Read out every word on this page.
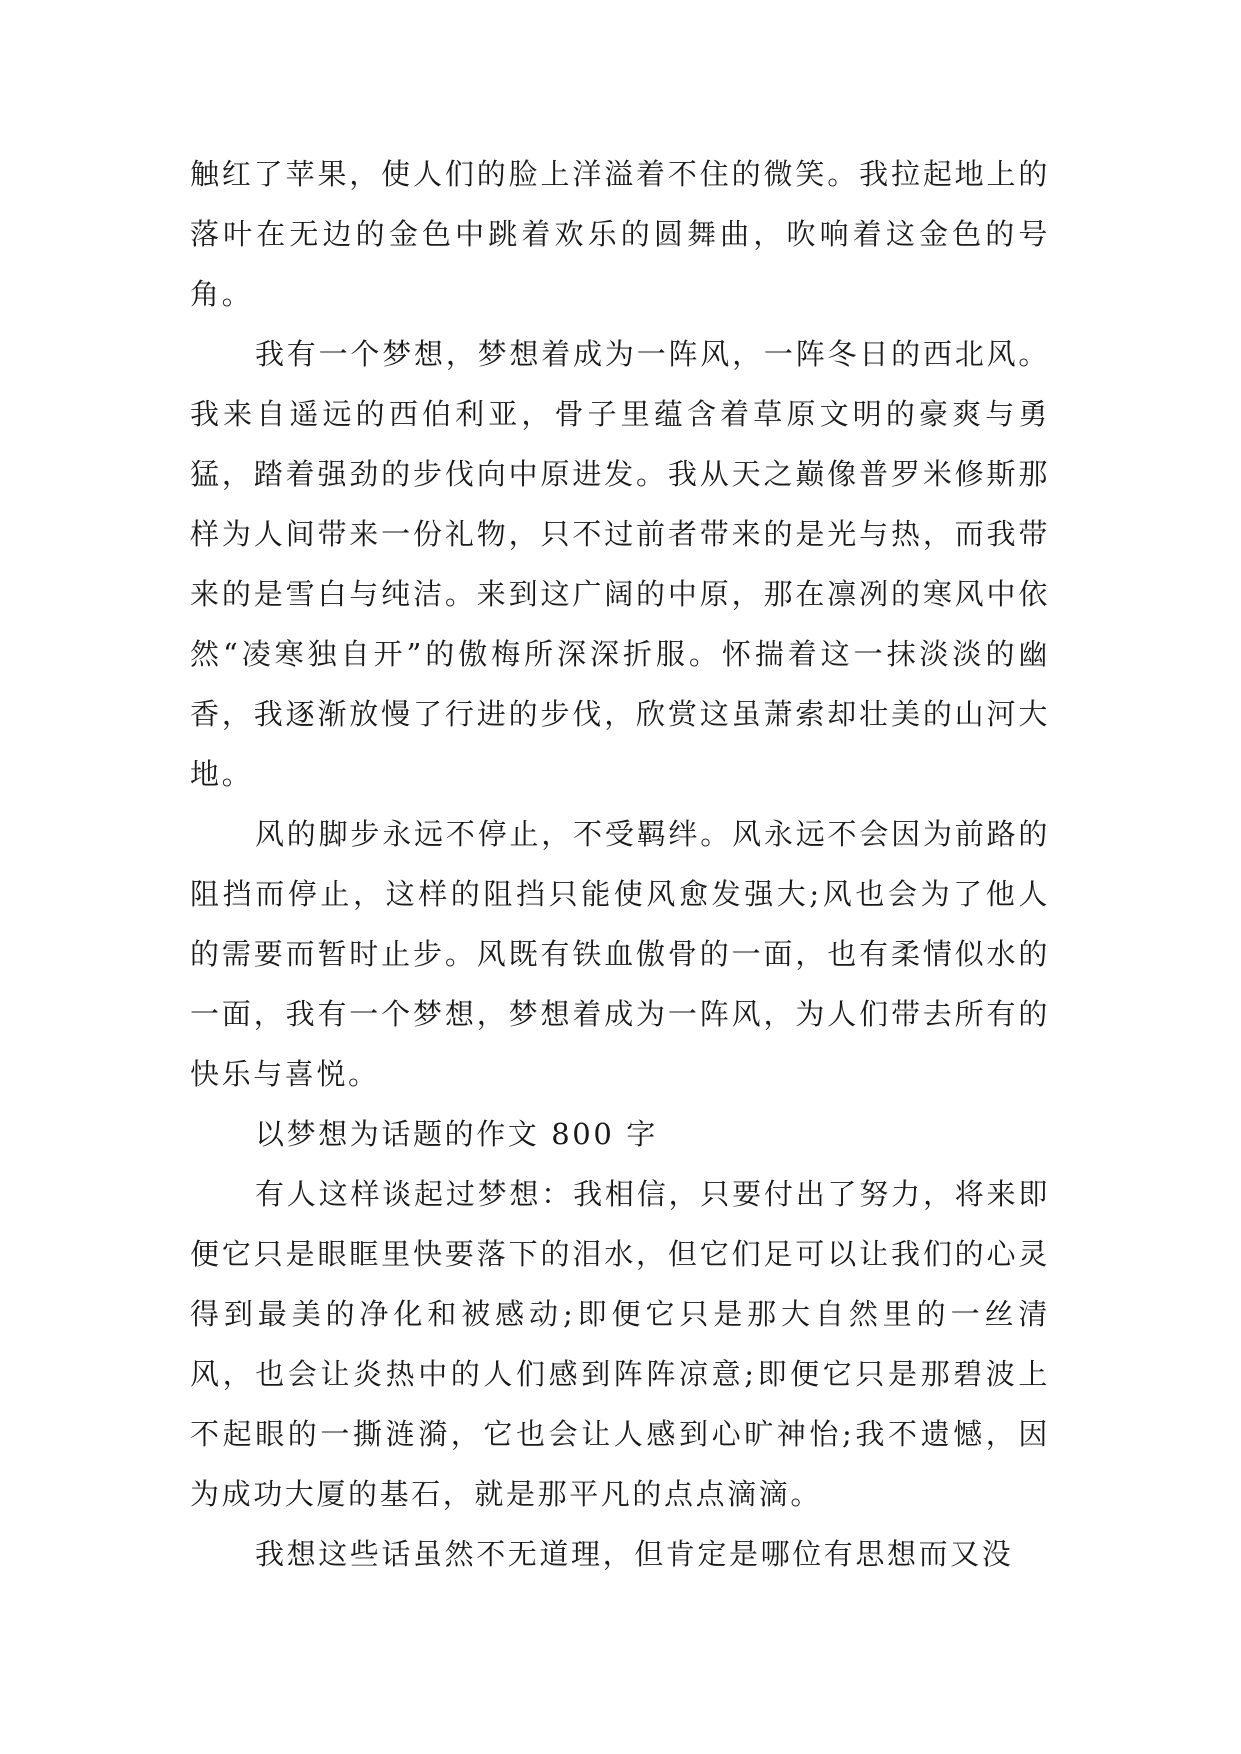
触红了苹果，使人们的脸上洋溢着不住的微笑。我拉起地上的落叶在无边的金色中跳着欢乐的圆舞曲，吹响着这金色的号角。

我有一个梦想，梦想着成为一阵风，一阵冬日的西北风。我来自遥远的西伯利亚，骨子里蕴含着草原文明的豪爽与勇猛，踏着强劲的步伐向中原进发。我从天之巅像普罗米修斯那样为人间带来一份礼物，只不过前者带来的是光与热，而我带来的是雪白与纯洁。来到这广阔的中原，那在凛冽的寒风中依然“凌寒独自开”的傲梅所深深折服。怀揣着这一抹淡淡的幽香，我逐渐放慢了行进的步伐，欣赏这虽萧索却壮美的山河大地。

风的脚步永远不停止，不受羁绊。风永远不会因为前路的阻挡而停止，这样的阻挡只能使风愈发强大;风也会为了他人的需要而暂时止步。风既有铁血傲骨的一面，也有柔情似水的一面，我有一个梦想，梦想着成为一阵风，为人们带去所有的快乐与喜悦。

以梦想为话题的作文 800 字

有人这样谈起过梦想：我相信，只要付出了努力，将来即便它只是眼眶里快要落下的泪水，但它们足可以让我们的心灵得到最美的净化和被感动;即便它只是那大自然里的一丝清风，也会让炎热中的人们感到阵阵凉意;即便它只是那碧波上不起眼的一撕涟漪，它也会让人感到心旷神怡;我不遗憾，因为成功大厦的基石，就是那平凡的点点滴滴。

我想这些话虽然不无道理，但肯定是哪位有思想而又没
